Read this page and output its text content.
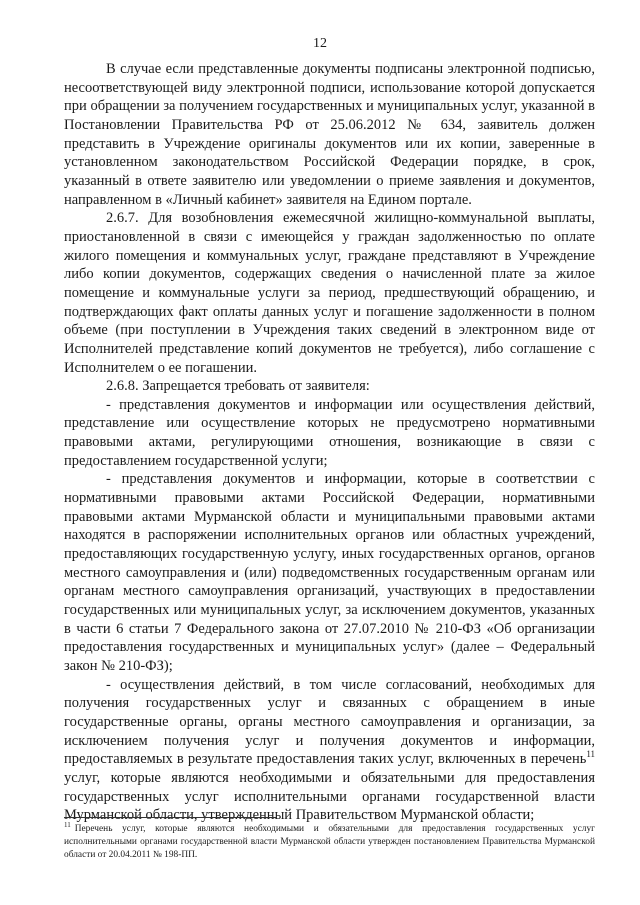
12

В случае если представленные документы подписаны электронной подписью, несоответствующей виду электронной подписи, использование которой допускается при обращении за получением государственных и муниципальных услуг, указанной в Постановлении Правительства РФ от 25.06.2012 № 634, заявитель должен представить в Учреждение оригиналы документов или их копии, заверенные в установленном законодательством Российской Федерации порядке, в срок, указанный в ответе заявителю или уведомлении о приеме заявления и документов, направленном в «Личный кабинет» заявителя на Едином портале.

2.6.7. Для возобновления ежемесячной жилищно-коммунальной выплаты, приостановленной в связи с имеющейся у граждан задолженностью по оплате жилого помещения и коммунальных услуг, граждане представляют в Учреждение либо копии документов, содержащих сведения о начисленной плате за жилое помещение и коммунальные услуги за период, предшествующий обращению, и подтверждающих факт оплаты данных услуг и погашение задолженности в полном объеме (при поступлении в Учреждения таких сведений в электронном виде от Исполнителей представление копий документов не требуется), либо соглашение с Исполнителем о ее погашении.

2.6.8. Запрещается требовать от заявителя:

- представления документов и информации или осуществления действий, представление или осуществление которых не предусмотрено нормативными правовыми актами, регулирующими отношения, возникающие в связи с предоставлением государственной услуги;

- представления документов и информации, которые в соответствии с нормативными правовыми актами Российской Федерации, нормативными правовыми актами Мурманской области и муниципальными правовыми актами находятся в распоряжении исполнительных органов или областных учреждений, предоставляющих государственную услугу, иных государственных органов, органов местного самоуправления и (или) подведомственных государственным органам или органам местного самоуправления организаций, участвующих в предоставлении государственных или муниципальных услуг, за исключением документов, указанных в части 6 статьи 7 Федерального закона от 27.07.2010 № 210-ФЗ «Об организации предоставления государственных и муниципальных услуг» (далее – Федеральный закон № 210-ФЗ);

- осуществления действий, в том числе согласований, необходимых для получения государственных услуг и связанных с обращением в иные государственные органы, органы местного самоуправления и организации, за исключением получения услуг и получения документов и информации, предоставляемых в результате предоставления таких услуг, включенных в перечень$^{11}$ услуг, которые являются необходимыми и обязательными для предоставления государственных услуг исполнительными органами государственной власти Мурманской области, утвержденный Правительством Мурманской области;

$^{11}$ Перечень услуг, которые являются необходимыми и обязательными для предоставления государственных услуг исполнительными органами государственной власти Мурманской области утвержден постановлением Правительства Мурманской области от 20.04.2011 № 198-ПП.
